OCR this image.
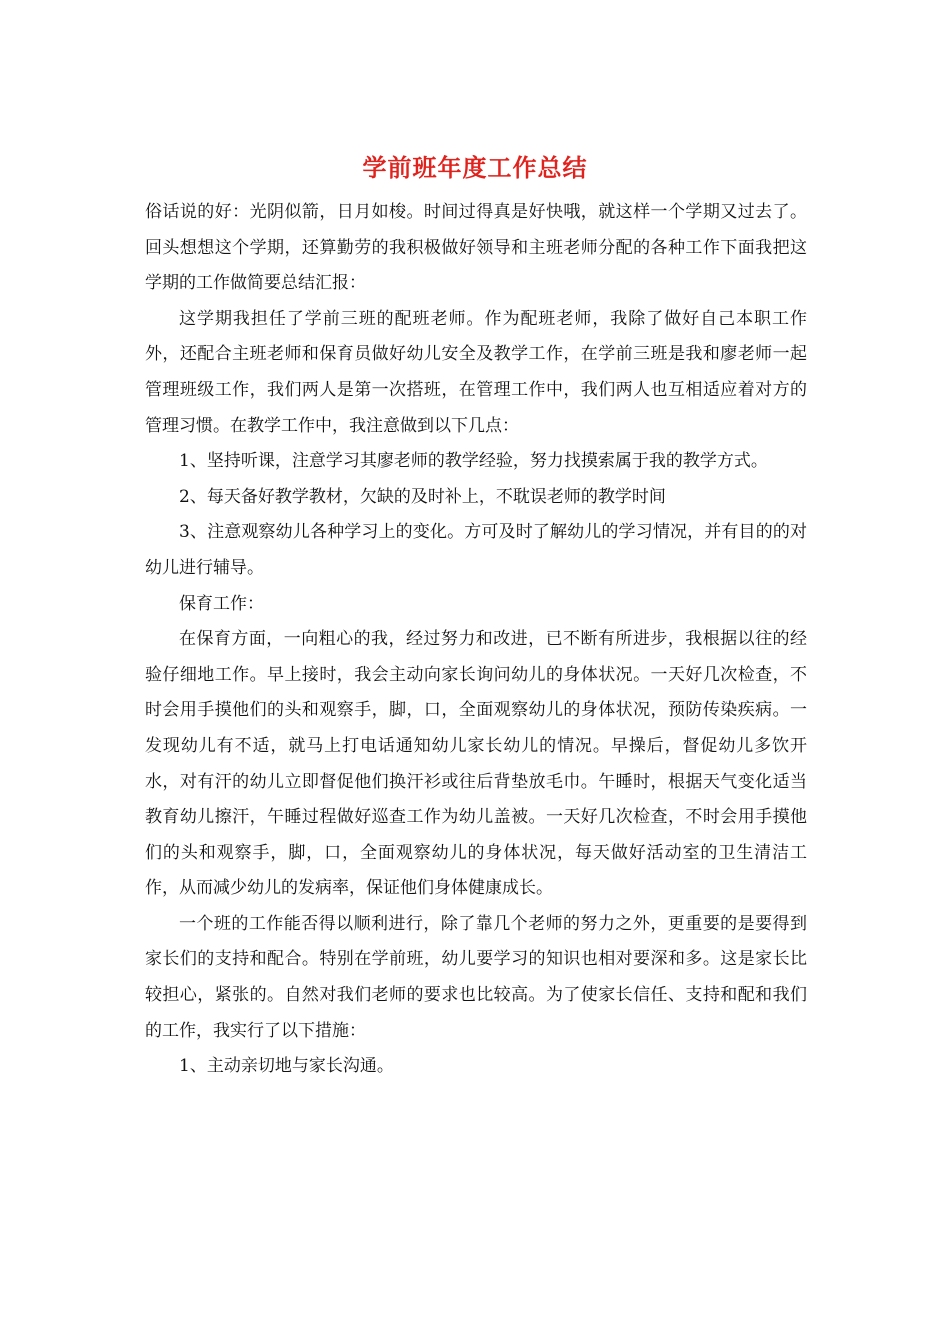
学前班年度工作总结

俗话说的好：光阴似箭，日月如梭。时间过得真是好快哦，就这样一个学期又过去了。回头想想这个学期，还算勤劳的我积极做好领导和主班老师分配的各种工作下面我把这学期的工作做简要总结汇报：

这学期我担任了学前三班的配班老师。作为配班老师，我除了做好自己本职工作外，还配合主班老师和保育员做好幼儿安全及教学工作，在学前三班是我和廖老师一起管理班级工作，我们两人是第一次搭班，在管理工作中，我们两人也互相适应着对方的管理习惯。在教学工作中，我注意做到以下几点：

1、坚持听课，注意学习其廖老师的教学经验，努力找摸索属于我的教学方式。

2、每天备好教学教材，欠缺的及时补上，不耽误老师的教学时间

3、注意观察幼儿各种学习上的变化。方可及时了解幼儿的学习情况，并有目的的对幼儿进行辅导。

保育工作：

在保育方面，一向粗心的我，经过努力和改进，已不断有所进步，我根据以往的经验仔细地工作。早上接时，我会主动向家长询问幼儿的身体状况。一天好几次检查，不时会用手摸他们的头和观察手，脚，口，全面观察幼儿的身体状况，预防传染疾病。一发现幼儿有不适，就马上打电话通知幼儿家长幼儿的情况。早操后，督促幼儿多饮开水，对有汗的幼儿立即督促他们换汗衫或往后背垫放毛巾。午睡时，根据天气变化适当教育幼儿擦汗，午睡过程做好巡查工作为幼儿盖被。一天好几次检查，不时会用手摸他们的头和观察手，脚，口，全面观察幼儿的身体状况，每天做好活动室的卫生清洁工作，从而减少幼儿的发病率，保证他们身体健康成长。

一个班的工作能否得以顺利进行，除了靠几个老师的努力之外，更重要的是要得到家长们的支持和配合。特别在学前班，幼儿要学习的知识也相对要深和多。这是家长比较担心，紧张的。自然对我们老师的要求也比较高。为了使家长信任、支持和配和我们的工作，我实行了以下措施：

1、主动亲切地与家长沟通。
